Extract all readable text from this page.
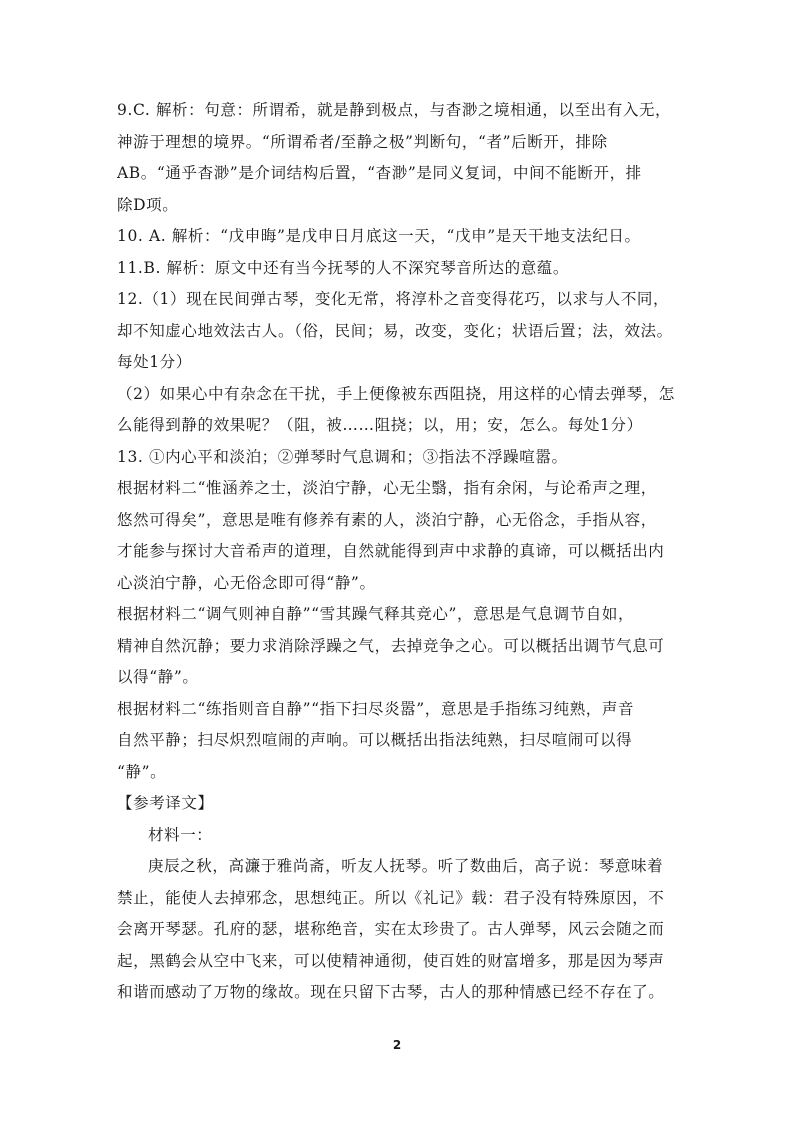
9.C. 解析：句意：所谓希，就是静到极点，与杳渺之境相通，以至出有入无，
神游于理想的境界。“所谓希者/至静之极”判断句，“者”后断开，排除
AB。“通乎杳渺”是介词结构后置，“杳渺”是同义复词，中间不能断开，排
除D项。
10. A. 解析：“戊申晦”是戊申日月底这一天，“戊申”是天干地支法纪日。
11.B. 解析：原文中还有当今抚琴的人不深究琴音所达的意蕴。
12.（1）现在民间弹古琴，变化无常，将淳朴之音变得花巧，以求与人不同，
却不知虚心地效法古人。（俗，民间；易，改变，变化；状语后置；法，效法。
每处1分）
（2）如果心中有杂念在干扰，手上便像被东西阻挠，用这样的心情去弹琴，怎
么能得到静的效果呢？（阻，被……阻挠；以，用；安，怎么。每处1分）
13. ①内心平和淡泊；②弹琴时气息调和；③指法不浮躁喧嚣。
根据材料二“惟涵养之士，淡泊宁静，心无尘翳，指有余闲，与论希声之理，
悠然可得矣”，意思是唯有修养有素的人，淡泊宁静，心无俗念，手指从容，
才能参与探讨大音希声的道理，自然就能得到声中求静的真谛，可以概括出内
心淡泊宁静，心无俗念即可得“静”。
根据材料二“调气则神自静”“雪其躁气释其竞心”，意思是气息调节自如，
精神自然沉静；要力求消除浮躁之气，去掉竞争之心。可以概括出调节气息可
以得“静”。
根据材料二“练指则音自静”“指下扫尽炎嚣”，意思是手指练习纯熟，声音
自然平静；扫尽炽烈喧闹的声响。可以概括出指法纯熟，扫尽喧闹可以得
“静”。
【参考译文】
材料一：
庚辰之秋，高濂于雅尚斋，听友人抚琴。听了数曲后，高子说：琴意味着
禁止，能使人去掉邪念，思想纯正。所以《礼记》载：君子没有特殊原因，不
会离开琴瑟。孔府的瑟，堪称绝音，实在太珍贵了。古人弹琴，风云会随之而
起，黑鹤会从空中飞来，可以使精神通彻，使百姓的财富增多，那是因为琴声
和谐而感动了万物的缘故。现在只留下古琴，古人的那种情感已经不存在了。
2
